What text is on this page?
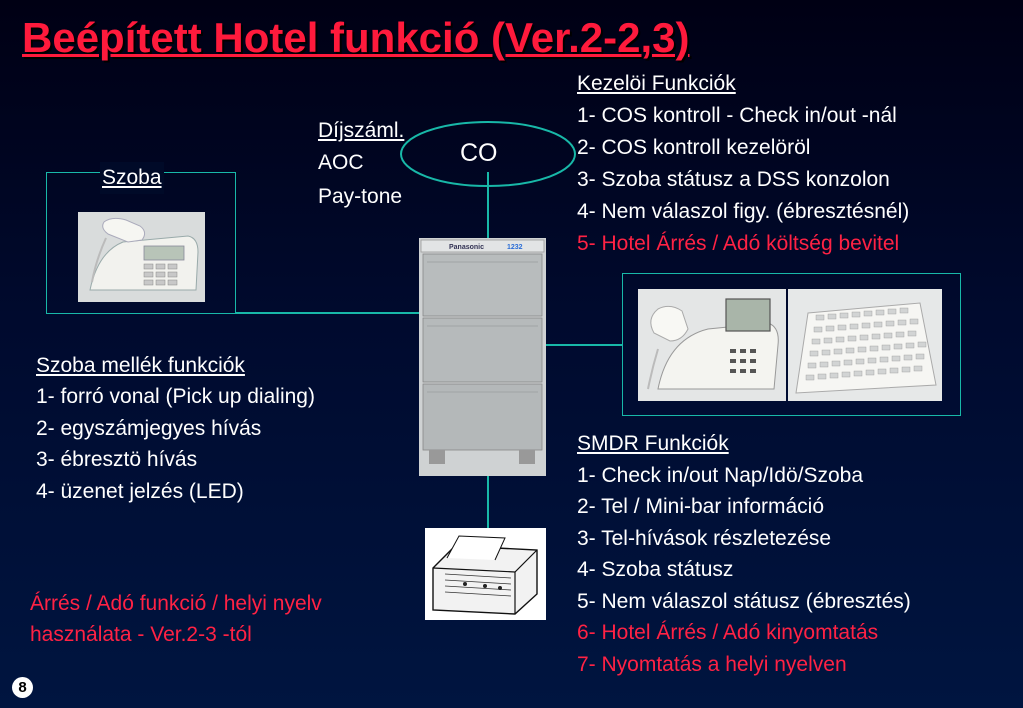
Beépített Hotel funkció (Ver.2-2,3)
CO
Díjszáml.
AOC
Pay-tone
Szoba
Panasonic	1232
Kezelöi Funkciók
1- COS kontroll - Check in/out -nál
2- COS kontroll kezelöröl
3- Szoba státusz a DSS konzolon
4- Nem válaszol figy. (ébresztésnél)
5- Hotel Árrés / Adó költség bevitel
Szoba mellék funkciók
1- forró vonal (Pick up dialing)
2- egyszámjegyes hívás
3- ébresztö hívás
4- üzenet jelzés (LED)
SMDR Funkciók
1- Check in/out Nap/Idö/Szoba
2- Tel / Mini-bar információ
3- Tel-hívások részletezése
4- Szoba státusz
5- Nem válaszol státusz (ébresztés)
6- Hotel Árrés / Adó kinyomtatás
7- Nyomtatás a helyi nyelven
Árrés / Adó funkció / helyi nyelv
használata - Ver.2-3 -tól
8
